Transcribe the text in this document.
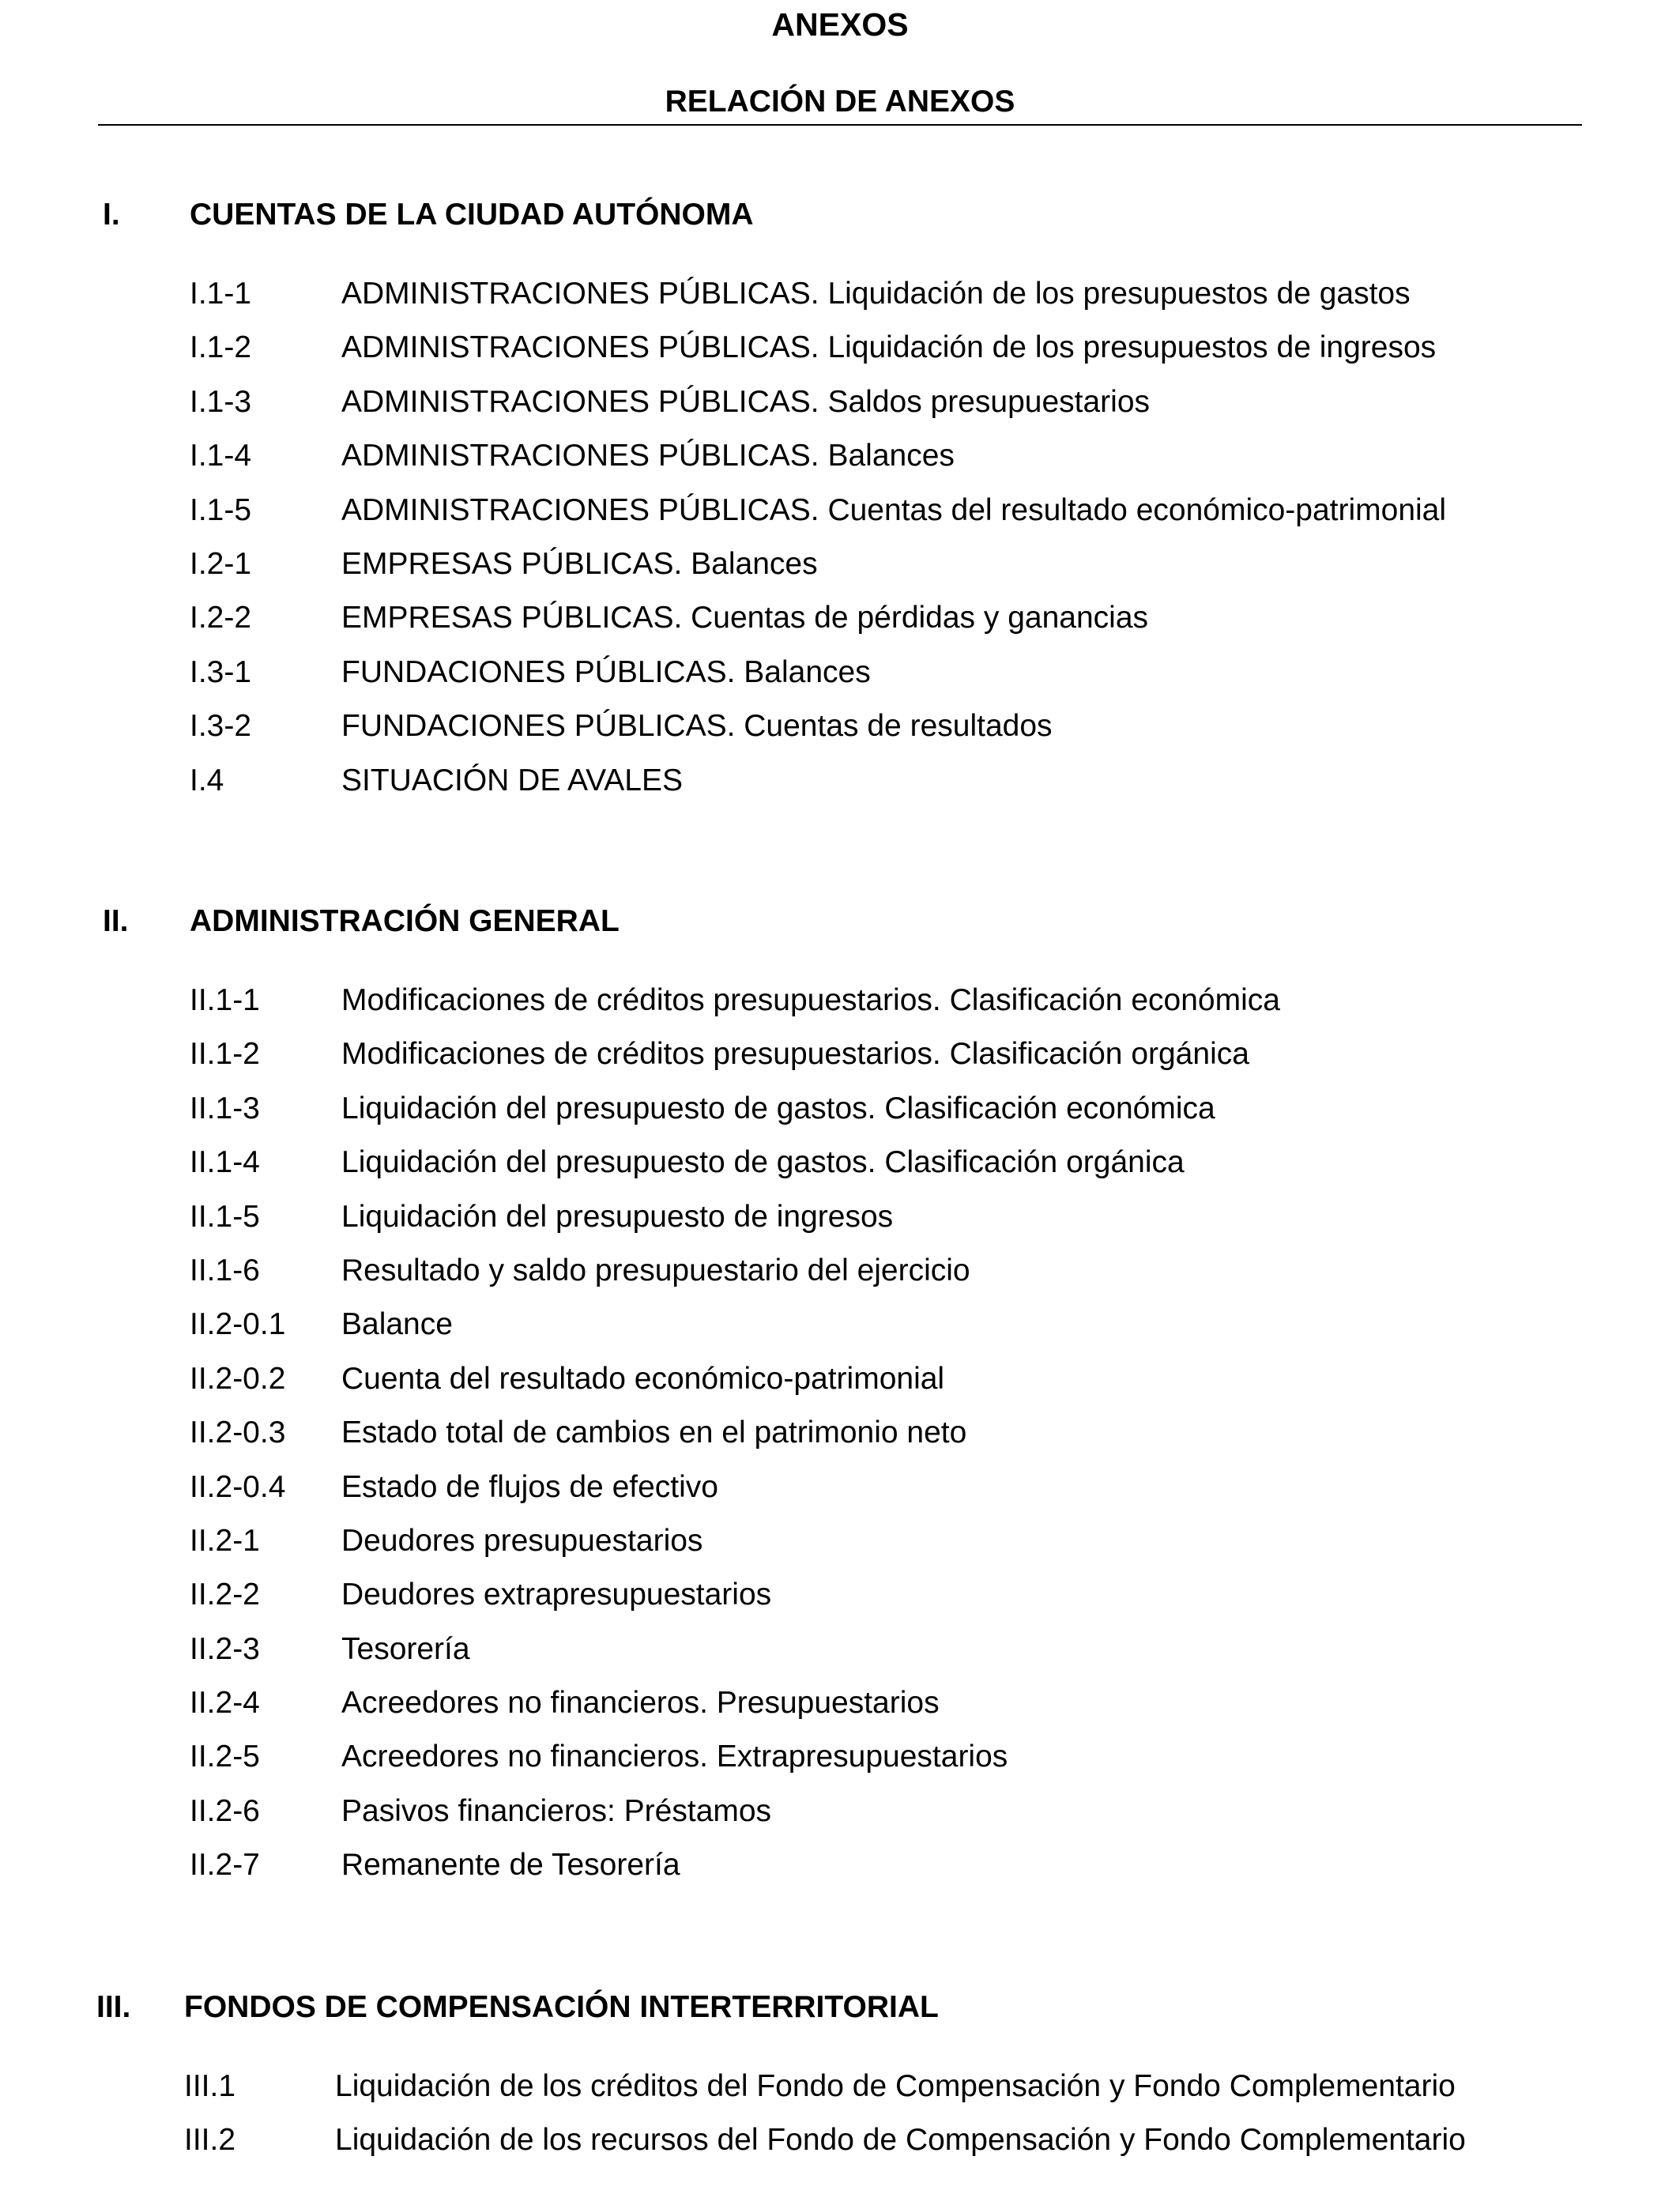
ANEXOS
RELACIÓN DE ANEXOS
I. CUENTAS DE LA CIUDAD AUTÓNOMA
I.1-1	ADMINISTRACIONES PÚBLICAS. Liquidación de los presupuestos de gastos
I.1-2	ADMINISTRACIONES PÚBLICAS. Liquidación de los presupuestos de ingresos
I.1-3	ADMINISTRACIONES PÚBLICAS. Saldos presupuestarios
I.1-4	ADMINISTRACIONES PÚBLICAS. Balances
I.1-5	ADMINISTRACIONES PÚBLICAS. Cuentas del resultado económico-patrimonial
I.2-1	EMPRESAS PÚBLICAS. Balances
I.2-2	EMPRESAS PÚBLICAS. Cuentas de pérdidas y ganancias
I.3-1	FUNDACIONES PÚBLICAS. Balances
I.3-2	FUNDACIONES PÚBLICAS. Cuentas de resultados
I.4	SITUACIÓN DE AVALES
II. ADMINISTRACIÓN GENERAL
II.1-1	Modificaciones de créditos presupuestarios. Clasificación económica
II.1-2	Modificaciones de créditos presupuestarios. Clasificación orgánica
II.1-3	Liquidación del presupuesto de gastos. Clasificación económica
II.1-4	Liquidación del presupuesto de gastos. Clasificación orgánica
II.1-5	Liquidación del presupuesto de ingresos
II.1-6	Resultado y saldo presupuestario del ejercicio
II.2-0.1 Balance
II.2-0.2 Cuenta del resultado económico-patrimonial
II.2-0.3 Estado total de cambios en el patrimonio neto
II.2-0.4 Estado de flujos de efectivo
II.2-1	Deudores presupuestarios
II.2-2	Deudores extrapresupuestarios
II.2-3	Tesorería
II.2-4	Acreedores no financieros. Presupuestarios
II.2-5	Acreedores no financieros. Extrapresupuestarios
II.2-6	Pasivos financieros: Préstamos
II.2-7	Remanente de Tesorería
III. FONDOS DE COMPENSACIÓN INTERTERRITORIAL
III.1	Liquidación de los créditos del Fondo de Compensación y Fondo Complementario
III.2	Liquidación de los recursos del Fondo de Compensación y Fondo Complementario
